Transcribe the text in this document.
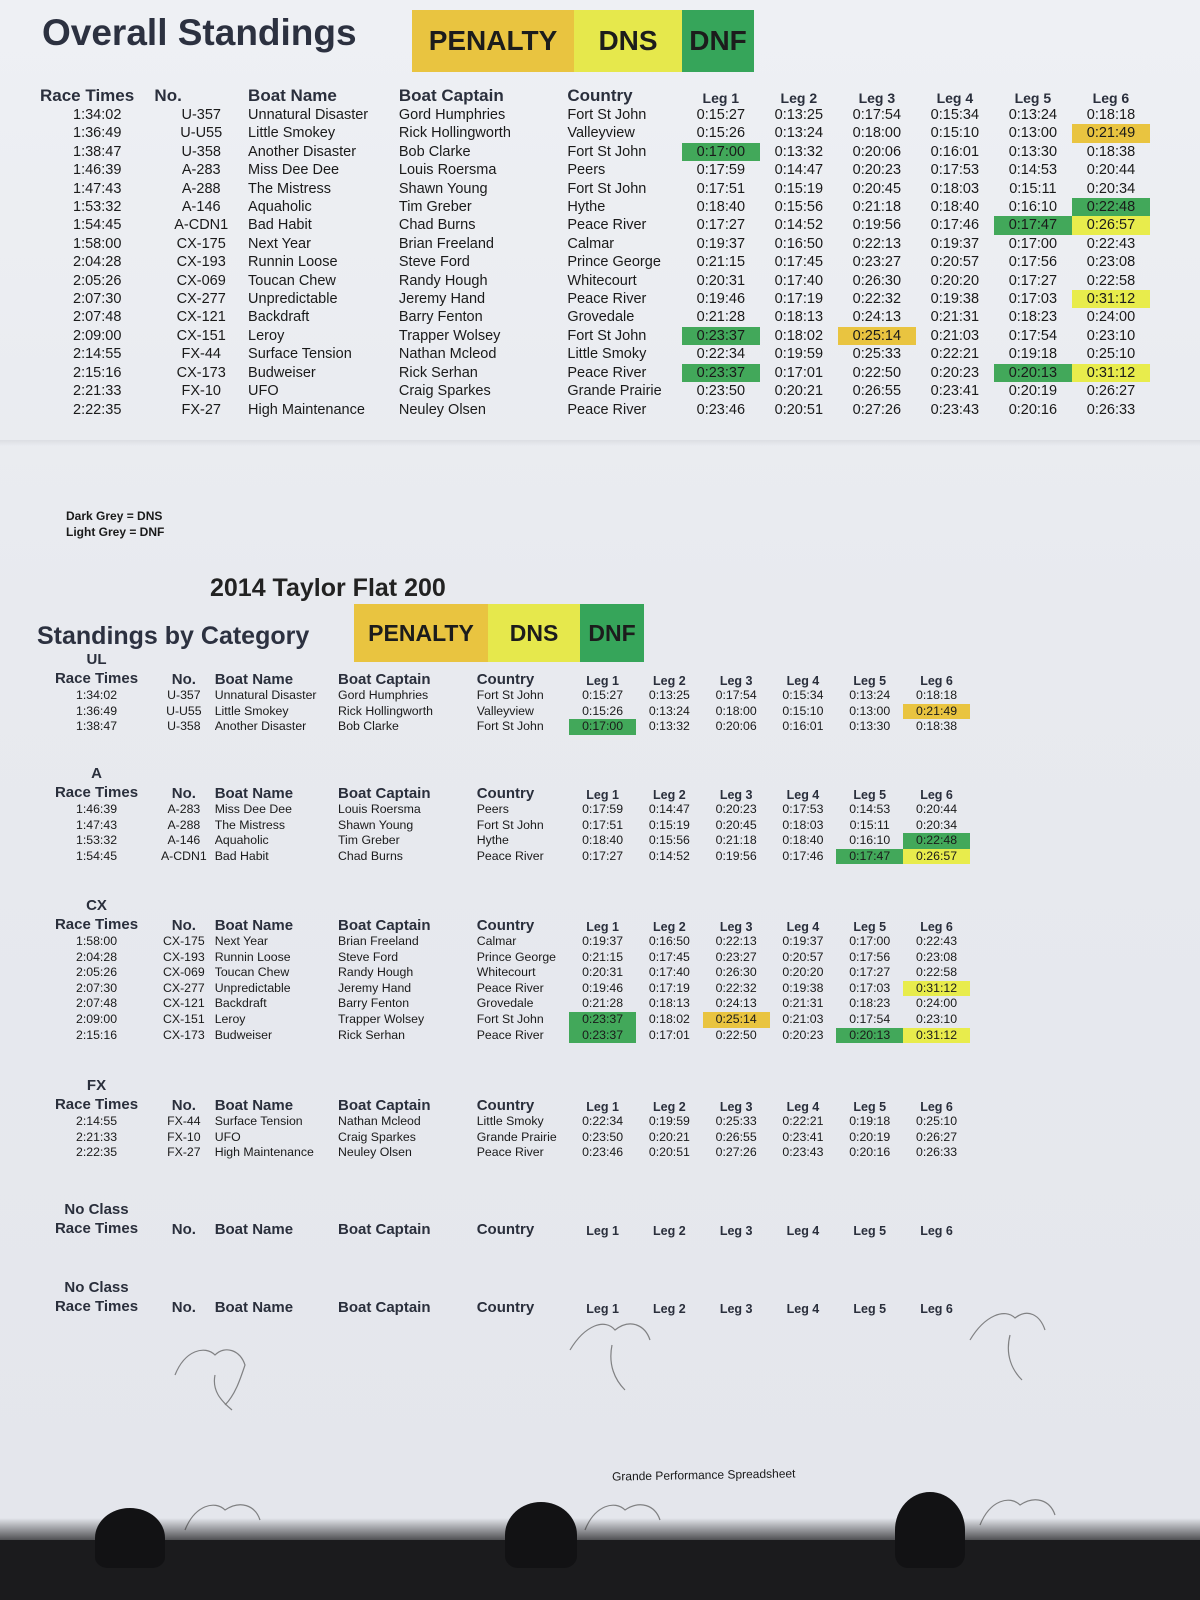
Overall Standings	PENALTY	DNS	DNF
Race Times	No.	Boat Name	Boat Captain	Country	Leg 1	Leg 2	Leg 3	Leg 4	Leg 5	Leg 6
1:34:02	U-357	Unnatural Disaster	Gord Humphries	Fort St John	0:15:27	0:13:25	0:17:54	0:15:34	0:13:24	0:18:18
1:36:49	U-U55	Little Smokey	Rick Hollingworth	Valleyview	0:15:26	0:13:24	0:18:00	0:15:10	0:13:00	0:21:49
1:38:47	U-358	Another Disaster	Bob Clarke	Fort St John	0:17:00	0:13:32	0:20:06	0:16:01	0:13:30	0:18:38
1:46:39	A-283	Miss Dee Dee	Louis Roersma	Peers	0:17:59	0:14:47	0:20:23	0:17:53	0:14:53	0:20:44
1:47:43	A-288	The Mistress	Shawn Young	Fort St John	0:17:51	0:15:19	0:20:45	0:18:03	0:15:11	0:20:34
1:53:32	A-146	Aquaholic	Tim Greber	Hythe	0:18:40	0:15:56	0:21:18	0:18:40	0:16:10	0:22:48
1:54:45	A-CDN1	Bad Habit	Chad Burns	Peace River	0:17:27	0:14:52	0:19:56	0:17:46	0:17:47	0:26:57
1:58:00	CX-175	Next Year	Brian Freeland	Calmar	0:19:37	0:16:50	0:22:13	0:19:37	0:17:00	0:22:43
2:04:28	CX-193	Runnin Loose	Steve Ford	Prince George	0:21:15	0:17:45	0:23:27	0:20:57	0:17:56	0:23:08
2:05:26	CX-069	Toucan Chew	Randy Hough	Whitecourt	0:20:31	0:17:40	0:26:30	0:20:20	0:17:27	0:22:58
2:07:30	CX-277	Unpredictable	Jeremy Hand	Peace River	0:19:46	0:17:19	0:22:32	0:19:38	0:17:03	0:31:12
2:07:48	CX-121	Backdraft	Barry Fenton	Grovedale	0:21:28	0:18:13	0:24:13	0:21:31	0:18:23	0:24:00
2:09:00	CX-151	Leroy	Trapper Wolsey	Fort St John	0:23:37	0:18:02	0:25:14	0:21:03	0:17:54	0:23:10
2:14:55	FX-44	Surface Tension	Nathan Mcleod	Little Smoky	0:22:34	0:19:59	0:25:33	0:22:21	0:19:18	0:25:10
2:15:16	CX-173	Budweiser	Rick Serhan	Peace River	0:23:37	0:17:01	0:22:50	0:20:23	0:20:13	0:31:12
2:21:33	FX-10	UFO	Craig Sparkes	Grande Prairie	0:23:50	0:20:21	0:26:55	0:23:41	0:20:19	0:26:27
2:22:35	FX-27	High Maintenance	Neuley Olsen	Peace River	0:23:46	0:20:51	0:27:26	0:23:43	0:20:16	0:26:33
Dark Grey = DNS
Light Grey = DNF
2014 Taylor Flat 200
Standings by Category	PENALTY	DNS	DNF
UL
Race Times	No.	Boat Name	Boat Captain	Country	Leg 1	Leg 2	Leg 3	Leg 4	Leg 5	Leg 6
1:34:02	U-357	Unnatural Disaster	Gord Humphries	Fort St John	0:15:27	0:13:25	0:17:54	0:15:34	0:13:24	0:18:18
1:36:49	U-U55	Little Smokey	Rick Hollingworth	Valleyview	0:15:26	0:13:24	0:18:00	0:15:10	0:13:00	0:21:49
1:38:47	U-358	Another Disaster	Bob Clarke	Fort St John	0:17:00	0:13:32	0:20:06	0:16:01	0:13:30	0:18:38
A
Race Times	No.	Boat Name	Boat Captain	Country	Leg 1	Leg 2	Leg 3	Leg 4	Leg 5	Leg 6
1:46:39	A-283	Miss Dee Dee	Louis Roersma	Peers	0:17:59	0:14:47	0:20:23	0:17:53	0:14:53	0:20:44
1:47:43	A-288	The Mistress	Shawn Young	Fort St John	0:17:51	0:15:19	0:20:45	0:18:03	0:15:11	0:20:34
1:53:32	A-146	Aquaholic	Tim Greber	Hythe	0:18:40	0:15:56	0:21:18	0:18:40	0:16:10	0:22:48
1:54:45	A-CDN1	Bad Habit	Chad Burns	Peace River	0:17:27	0:14:52	0:19:56	0:17:46	0:17:47	0:26:57
CX
Race Times	No.	Boat Name	Boat Captain	Country	Leg 1	Leg 2	Leg 3	Leg 4	Leg 5	Leg 6
1:58:00	CX-175	Next Year	Brian Freeland	Calmar	0:19:37	0:16:50	0:22:13	0:19:37	0:17:00	0:22:43
2:04:28	CX-193	Runnin Loose	Steve Ford	Prince George	0:21:15	0:17:45	0:23:27	0:20:57	0:17:56	0:23:08
2:05:26	CX-069	Toucan Chew	Randy Hough	Whitecourt	0:20:31	0:17:40	0:26:30	0:20:20	0:17:27	0:22:58
2:07:30	CX-277	Unpredictable	Jeremy Hand	Peace River	0:19:46	0:17:19	0:22:32	0:19:38	0:17:03	0:31:12
2:07:48	CX-121	Backdraft	Barry Fenton	Grovedale	0:21:28	0:18:13	0:24:13	0:21:31	0:18:23	0:24:00
2:09:00	CX-151	Leroy	Trapper Wolsey	Fort St John	0:23:37	0:18:02	0:25:14	0:21:03	0:17:54	0:23:10
2:15:16	CX-173	Budweiser	Rick Serhan	Peace River	0:23:37	0:17:01	0:22:50	0:20:23	0:20:13	0:31:12
FX
Race Times	No.	Boat Name	Boat Captain	Country	Leg 1	Leg 2	Leg 3	Leg 4	Leg 5	Leg 6
2:14:55	FX-44	Surface Tension	Nathan Mcleod	Little Smoky	0:22:34	0:19:59	0:25:33	0:22:21	0:19:18	0:25:10
2:21:33	FX-10	UFO	Craig Sparkes	Grande Prairie	0:23:50	0:20:21	0:26:55	0:23:41	0:20:19	0:26:27
2:22:35	FX-27	High Maintenance	Neuley Olsen	Peace River	0:23:46	0:20:51	0:27:26	0:23:43	0:20:16	0:26:33
No Class
Race Times	No.	Boat Name	Boat Captain	Country	Leg 1	Leg 2	Leg 3	Leg 4	Leg 5	Leg 6
No Class
Race Times	No.	Boat Name	Boat Captain	Country	Leg 1	Leg 2	Leg 3	Leg 4	Leg 5	Leg 6
Grande Performance Spreadsheet
